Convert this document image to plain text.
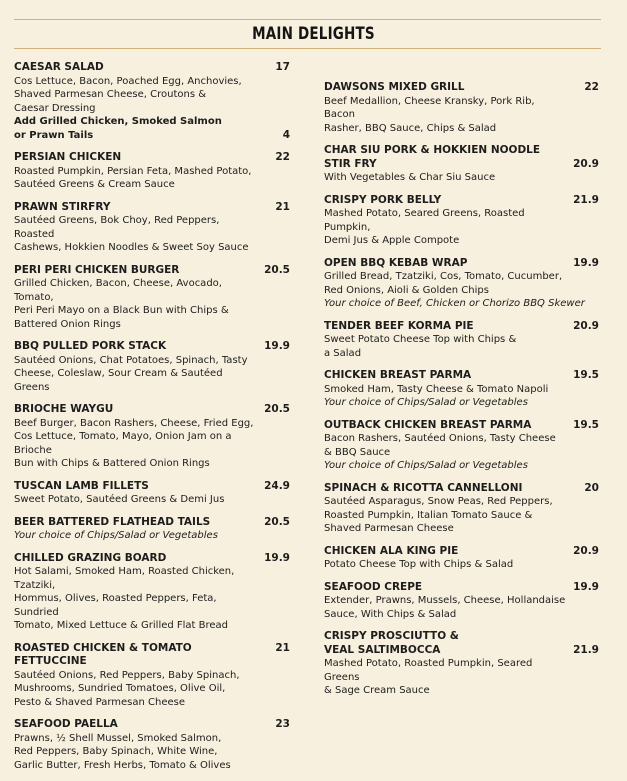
MAIN DELIGHTS
CAESAR SALAD	17
Cos Lettuce, Bacon, Poached Egg, Anchovies,
Shaved Parmesan Cheese, Croutons &
Caesar Dressing
Add Grilled Chicken, Smoked Salmon
or Prawn Tails	4
PERSIAN CHICKEN	22
Roasted Pumpkin, Persian Feta, Mashed Potato,
Sautéed Greens & Cream Sauce
PRAWN STIRFRY	21
Sautéed Greens, Bok Choy, Red Peppers, Roasted
Cashews, Hokkien Noodles & Sweet Soy Sauce
PERI PERI CHICKEN BURGER	20.5
Grilled Chicken, Bacon, Cheese, Avocado, Tomato,
Peri Peri Mayo on a Black Bun with Chips &
Battered Onion Rings
BBQ PULLED PORK STACK	19.9
Sautéed Onions, Chat Potatoes, Spinach, Tasty
Cheese, Coleslaw, Sour Cream & Sautéed Greens
BRIOCHE WAYGU	20.5
Beef Burger, Bacon Rashers, Cheese, Fried Egg,
Cos Lettuce, Tomato, Mayo, Onion Jam on a Brioche
Bun with Chips & Battered Onion Rings
TUSCAN LAMB FILLETS	24.9
Sweet Potato, Sautéed Greens & Demi Jus
BEER BATTERED FLATHEAD TAILS	20.5
Your choice of Chips/Salad or Vegetables
CHILLED GRAZING BOARD	19.9
Hot Salami, Smoked Ham, Roasted Chicken, Tzatziki,
Hommus, Olives, Roasted Peppers, Feta, Sundried
Tomato, Mixed Lettuce & Grilled Flat Bread
ROASTED CHICKEN & TOMATO FETTUCCINE
21
Sautéed Onions, Red Peppers, Baby Spinach,
Mushrooms, Sundried Tomatoes, Olive Oil,
Pesto & Shaved Parmesan Cheese
SEAFOOD PAELLA	23
Prawns, ½ Shell Mussel, Smoked Salmon,
Red Peppers, Baby Spinach, White Wine,
Garlic Butter, Fresh Herbs, Tomato & Olives
DAWSONS MIXED GRILL	22
Beef Medallion, Cheese Kransky, Pork Rib, Bacon
Rasher, BBQ Sauce, Chips & Salad
CHAR SIU PORK & HOKKIEN NOODLE
STIR FRY	20.9
With Vegetables & Char Siu Sauce
CRISPY PORK BELLY	21.9
Mashed Potato, Seared Greens, Roasted Pumpkin,
Demi Jus & Apple Compote
OPEN BBQ KEBAB WRAP	19.9
Grilled Bread, Tzatziki, Cos, Tomato, Cucumber,
Red Onions, Aioli & Golden Chips
Your choice of Beef, Chicken or Chorizo BBQ Skewer
TENDER BEEF KORMA PIE	20.9
Sweet Potato Cheese Top with Chips &
a Salad
CHICKEN BREAST PARMA	19.5
Smoked Ham, Tasty Cheese & Tomato Napoli
Your choice of Chips/Salad or Vegetables
OUTBACK CHICKEN BREAST PARMA	19.5
Bacon Rashers, Sautéed Onions, Tasty Cheese
& BBQ Sauce
Your choice of Chips/Salad or Vegetables
SPINACH & RICOTTA CANNELLONI	20
Sautéed Asparagus, Snow Peas, Red Peppers,
Roasted Pumpkin, Italian Tomato Sauce &
Shaved Parmesan Cheese
CHICKEN ALA KING PIE	20.9
Potato Cheese Top with Chips & Salad
SEAFOOD CREPE	19.9
Extender, Prawns, Mussels, Cheese, Hollandaise
Sauce, With Chips & Salad
CRISPY PROSCIUTTO &
VEAL SALTIMBOCCA	21.9
Mashed Potato, Roasted Pumpkin, Seared Greens
& Sage Cream Sauce
